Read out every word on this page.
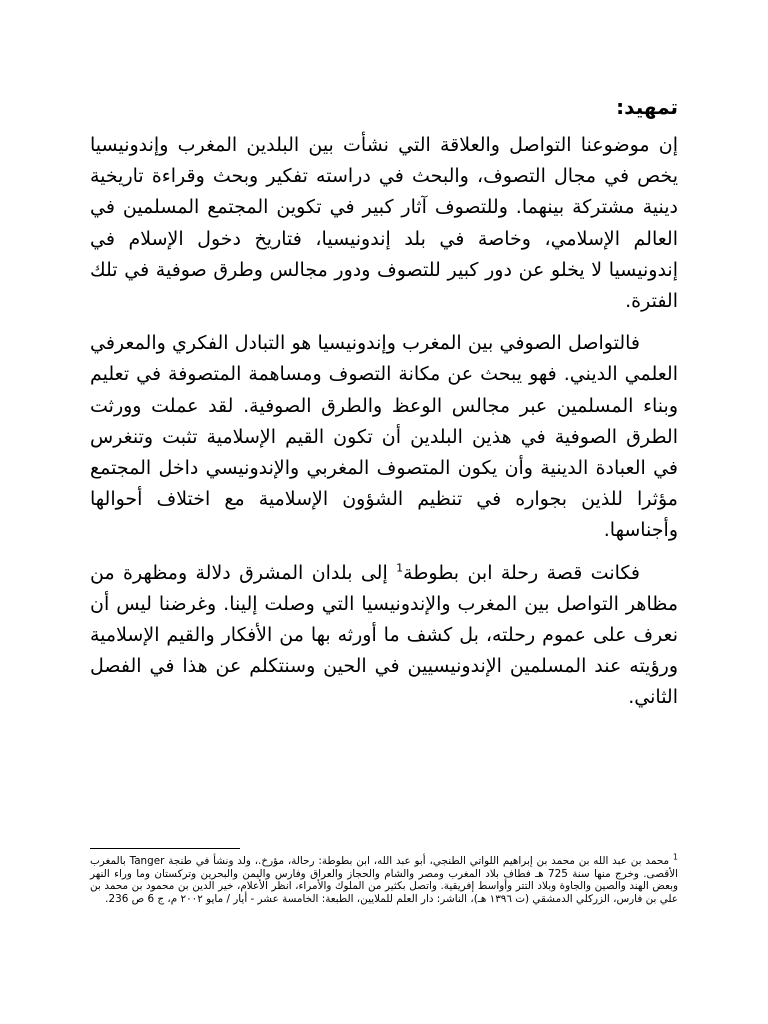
تمهيد:

إن موضوعنا التواصل والعلاقة التي نشأت بين البلدين المغرب وإندونيسيا يخص في مجال التصوف، والبحث في دراسته تفكير وبحث وقراءة تاريخية دينية مشتركة بينهما. وللتصوف آثار كبير في تكوين المجتمع المسلمين في العالم الإسلامي، وخاصة في بلد إندونيسيا، فتاريخ دخول الإسلام في إندونيسيا لا يخلو عن دور كبير للتصوف ودور مجالس وطرق صوفية في تلك الفترة.

فالتواصل الصوفي بين المغرب وإندونيسيا هو التبادل الفكري والمعرفي العلمي الديني. فهو يبحث عن مكانة التصوف ومساهمة المتصوفة في تعليم وبناء المسلمين عبر مجالس الوعظ والطرق الصوفية. لقد عملت وورثت الطرق الصوفية في هذين البلدين أن تكون القيم الإسلامية تثبت وتنغرس في العبادة الدينية وأن يكون المتصوف المغربي والإندونيسي داخل المجتمع مؤثرا للذين بجواره في تنظيم الشؤون الإسلامية مع اختلاف أحوالها وأجناسها.

فكانت قصة رحلة ابن بطوطة$^1$ إلى بلدان المشرق دلالة ومظهرة من مظاهر التواصل بين المغرب والإندونيسيا التي وصلت إلينا. وغرضنا ليس أن نعرف على عموم رحلته، بل كشف ما أورثه بها من الأفكار والقيم الإسلامية ورؤيته عند المسلمين الإندونيسيين في الحين وسنتكلم عن هذا في الفصل الثاني.

$^1$ محمد بن عبد الله بن محمد بن إبراهيم اللواتي الطنجي، أبو عبد الله، ابن بطوطة: رحالة، مؤرخ.، ولد ونشأ في طنجة Tanger بالمغرب الأقصى. وخرج منها سنة 725 هـ فطاف بلاد المغرب ومصر والشام والحجاز والعراق وفارس واليمن والبحرين وتركستان وما وراء النهر وبعض الهند والصين والجاوة وبلاد التتر وأواسط إفريقية. واتصل بكثير من الملوك والأمراء، انظر الأعلام، خير الدين بن محمود بن محمد بن علي بن فارس، الزركلي الدمشقي (ت ١٣٩٦ هـ)، الناشر: دار العلم للملايين، الطبعة: الخامسة عشر - أيار / مايو ٢٠٠٢ م، ج 6 ص 236.
